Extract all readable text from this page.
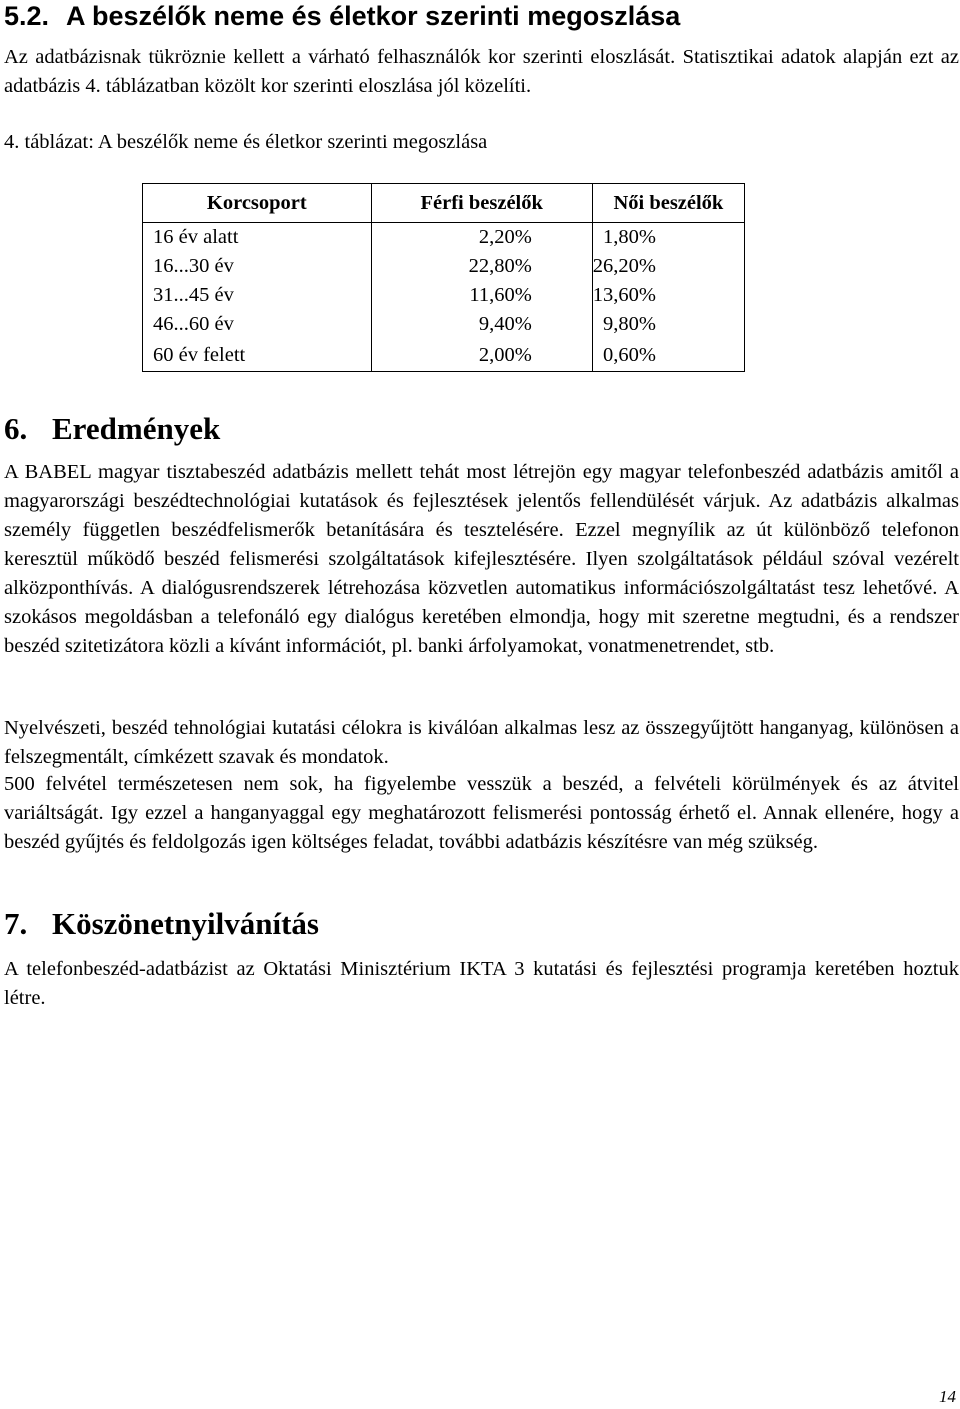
5.2. A beszélők neme és életkor szerinti megoszlása

Az adatbázisnak tükröznie kellett a várható felhasználók kor szerinti eloszlását. Statisztikai adatok alapján ezt az adatbázis 4. táblázatban közölt kor szerinti eloszlása jól közelíti.

4. táblázat: A beszélők neme és életkor szerinti megoszlása
Korcsoport	Férfi beszélők	Női beszélők
16 év alatt	2,20%	1,80%
16...30 év	22,80%	26,20%
31...45 év	11,60%	13,60%
46...60 év	9,40%	9,80%
60 év felett	2,00%	0,60%
6. Eredmények

A BABEL magyar tisztabeszéd adatbázis mellett tehát most létrejön egy magyar telefonbeszéd adatbázis amitől a magyarországi beszédtechnológiai kutatások és fejlesztések jelentős fellendülését várjuk. Az adatbázis alkalmas személy független beszédfelismerők betanítására és tesztelésére. Ezzel megnyílik az út különböző telefonon keresztül működő beszéd felismerési szolgáltatások kifejlesztésére. Ilyen szolgáltatások például szóval vezérelt alközponthívás. A dialógusrendszerek létrehozása közvetlen automatikus információszolgáltatást tesz lehetővé. A szokásos megoldásban a telefonáló egy dialógus keretében elmondja, hogy mit szeretne megtudni, és a rendszer beszéd szitetizátora közli a kívánt információt, pl. banki árfolyamokat, vonatmenetrendet, stb.

Nyelvészeti, beszéd tehnológiai kutatási célokra is kiválóan alkalmas lesz az összegyűjtött hanganyag, különösen a felszegmentált, címkézett szavak és mondatok.

500 felvétel természetesen nem sok, ha figyelembe vesszük a beszéd, a felvételi körülmények és az átvitel variáltságát. Igy ezzel a hanganyaggal egy meghatározott felismerési pontosság érhető el. Annak ellenére, hogy a beszéd gyűjtés és feldolgozás igen költséges feladat, további adatbázis készítésre van még szükség.

7. Köszönetnyilvánítás

A telefonbeszéd-adatbázist az Oktatási Minisztérium IKTA 3 kutatási és fejlesztési programja keretében hoztuk létre.

14
